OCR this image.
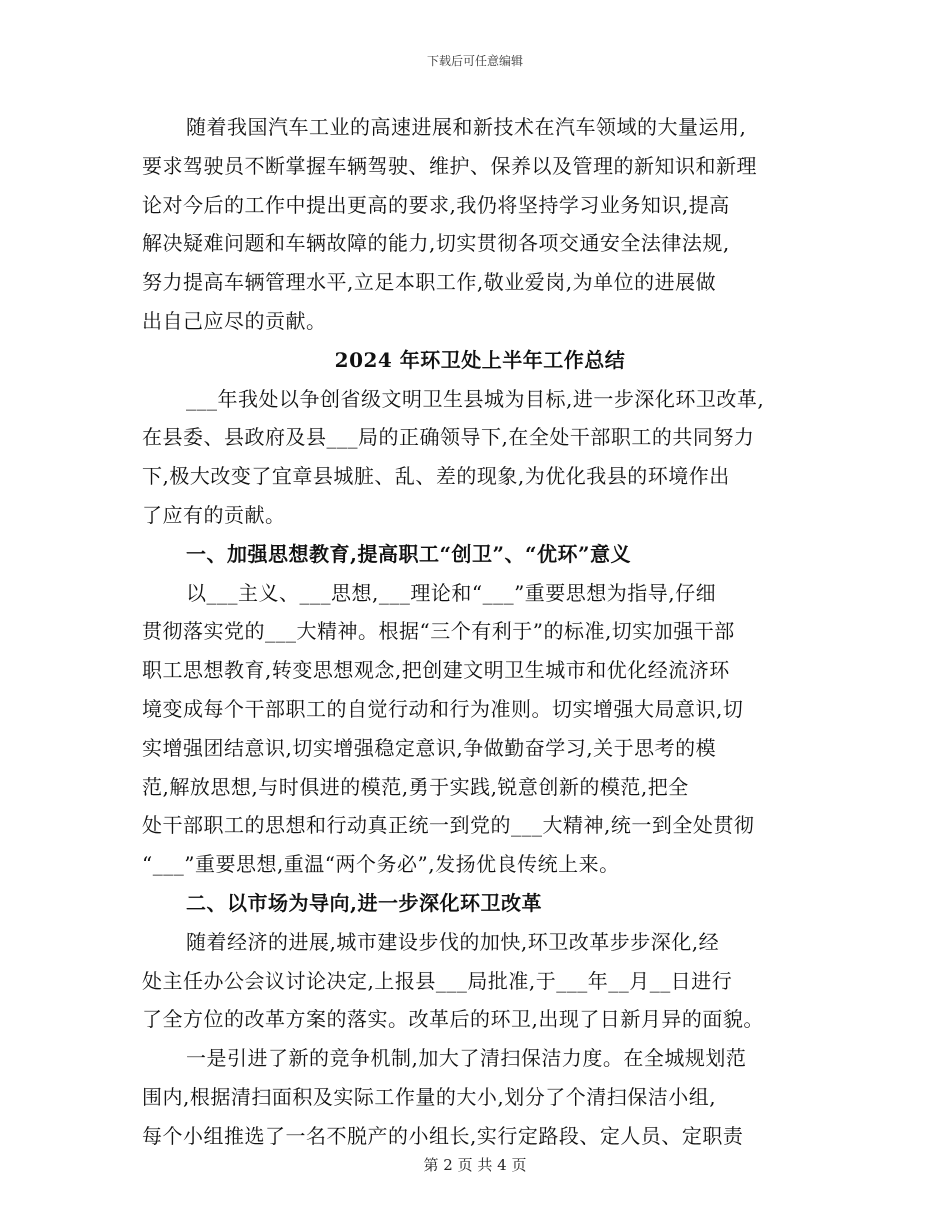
下载后可任意编辑
随着我国汽车工业的高速进展和新技术在汽车领域的大量运用,
要求驾驶员不断掌握车辆驾驶、维护、保养以及管理的新知识和新理
论对今后的工作中提出更高的要求,我仍将坚持学习业务知识,提高
解决疑难问题和车辆故障的能力,切实贯彻各项交通安全法律法规,
努力提高车辆管理水平,立足本职工作,敬业爱岗,为单位的进展做
出自己应尽的贡献。
2024 年环卫处上半年工作总结
___年我处以争创省级文明卫生县城为目标,进一步深化环卫改革,
在县委、县政府及县___局的正确领导下,在全处干部职工的共同努力
下,极大改变了宜章县城脏、乱、差的现象,为优化我县的环境作出
了应有的贡献。
一、加强思想教育,提高职工“创卫”、“优环”意义
以___主义、___思想,___理论和“___”重要思想为指导,仔细
贯彻落实党的___大精神。根据“三个有利于”的标准,切实加强干部
职工思想教育,转变思想观念,把创建文明卫生城市和优化经流济环
境变成每个干部职工的自觉行动和行为准则。切实增强大局意识,切
实增强团结意识,切实增强稳定意识,争做勤奋学习,关于思考的模
范,解放思想,与时俱进的模范,勇于实践,锐意创新的模范,把全
处干部职工的思想和行动真正统一到党的___大精神,统一到全处贯彻
“___”重要思想,重温“两个务必”,发扬优良传统上来。
二、以市场为导向,进一步深化环卫改革
随着经济的进展,城市建设步伐的加快,环卫改革步步深化,经
处主任办公会议讨论决定,上报县___局批准,于___年__月__日进行
了全方位的改革方案的落实。改革后的环卫,出现了日新月异的面貌。
一是引进了新的竞争机制,加大了清扫保洁力度。在全城规划范
围内,根据清扫面积及实际工作量的大小,划分了个清扫保洁小组,
每个小组推选了一名不脱产的小组长,实行定路段、定人员、定职责
第 2 页 共 4 页
